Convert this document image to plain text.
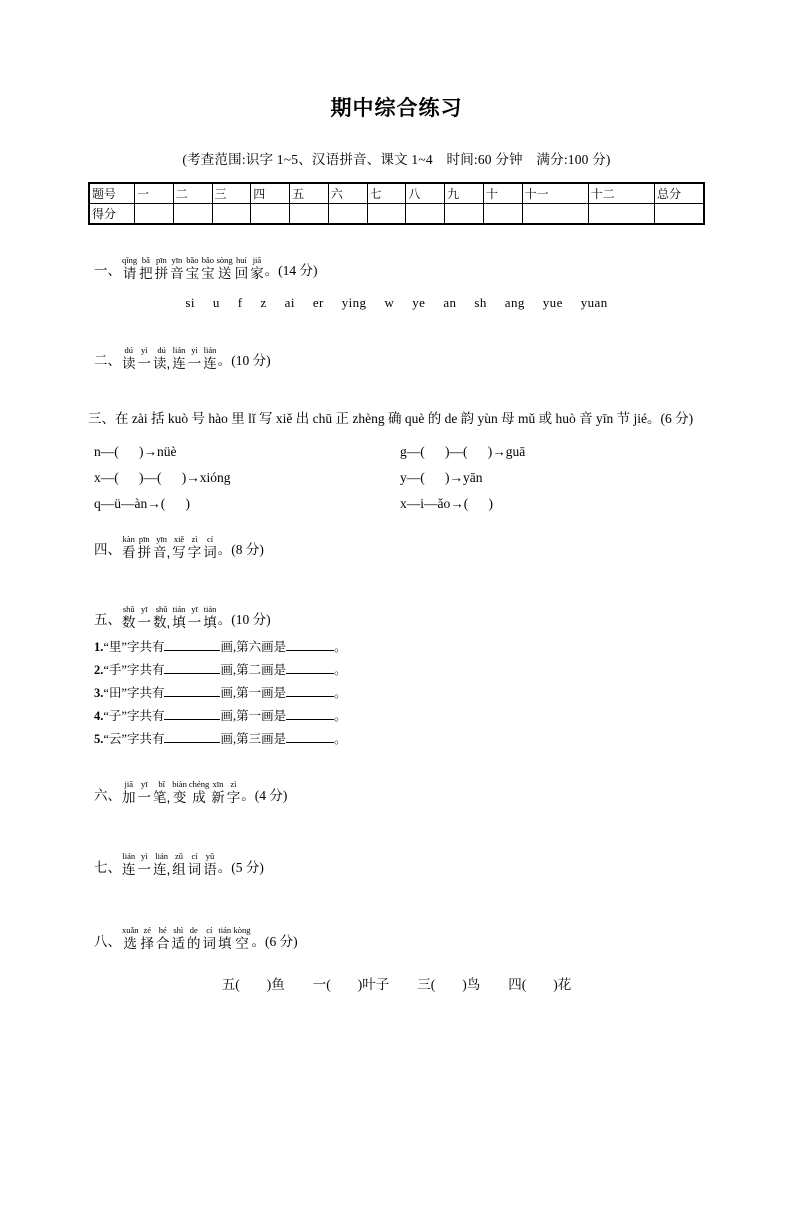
期中综合练习
(考查范围:识字 1~5、汉语拼音、课文 1~4　时间:60 分钟　满分:100 分)
题号	一	二	三	四	五	六	七	八	九	十	十一	十二	总分
得分													
一、
qǐng
请
bǎ
把
pīn
拼
yīn
音
bǎo
宝
bǎo
宝
sòng
送
huí
回
jiā
家 。(14 分)
si u f z ai er ying w ye an sh ang yue yuan
二、
dú
读
yì
一
dú
读,
lián
连
yì
一
lián
连 。(10 分)
三、在 zài 括 kuò 号 hào 里 lǐ 写 xiě 出 chū 正 zhèng 确 què 的 de 韵 yùn 母 mǔ 或 huò 音 yīn 节 jié。(6 分)
n—(      )→nüè	g—(      )—(      )→guā
x—(      )—(      )→xióng	y—(      )→yān
q—ü—àn→(      )	x—i—ǎo→(      )
四、
kàn
看
pīn
拼
yīn
音,
xiě
写
zì
字
cí
词 。(8 分)
五、
shǔ
数
yī
一
shǔ
数,
tián
填
yī
一
tián
填 。(10 分)
1.“里”字共有	画,第六画是	。
2.“手”字共有	画,第二画是	。
3.“田”字共有	画,第一画是	。
4.“子”字共有	画,第一画是	。
5.“云”字共有	画,第三画是	。
六、
jiā
加
yī
一
bǐ
笔,
biàn
变
chéng
成
xīn
新
zì
字 。(4 分)
七、
lián
连
yì
一
lián
连,
zǔ
组
cí
词
yǔ
语 。(5 分)
八、
xuǎn
选
zé
择
hé
合
shì
适
de
的
cí
词
tián
填
kòng
空 。(6 分)
五(　　)鱼 一(　　)叶子 三(　　)鸟 四(　　)花
